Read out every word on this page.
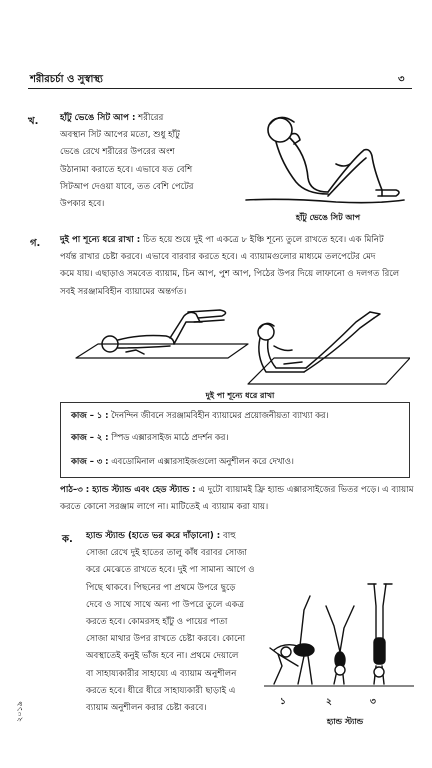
শরীরচর্চা ও সুস্বাস্থ্য	৩
খ.	হাঁটু ভেঙে সিট আপ : শরীরের
অবস্থান সিট আপের মতো, শুধু হাঁটু
ভেঙে রেখে শরীরের উপরের অংশ
উঠানামা করাতে হবে। এভাবে যত বেশি
সিটআপ দেওয়া যাবে, তত বেশি পেটের
উপকার হবে।
হাঁটু ভেঙে সিট আপ
গ. দুই পা শূন্যে ধরে রাখা : চিত হয়ে শুয়ে দুই পা একত্রে ৮ ইঞ্চি শূন্যে তুলে রাখতে হবে। এক মিনিট
পর্যন্ত রাখার চেষ্টা করবে। এভাবে বারবার করতে হবে। এ ব্যায়ামগুলোর মাধ্যমে তলপেটের মেদ
কমে যায়। এছাড়াও সমবেত ব্যায়াম, চিন আপ, পুশ আপ, পিঠের উপর দিয়ে লাফানো ও দলগত রিলে
সবই সরঞ্জামবিহীন ব্যায়ামের অন্তর্গত।
দুই পা শূন্যে ধরে রাখা
কাজ – ১ : দৈনন্দিন জীবনে সরঞ্জামবিহীন ব্যায়ামের প্রয়োজনীয়তা ব্যাখ্যা কর।
কাজ – ২ : স্পিড এক্সারসাইজ মাঠে প্রদর্শন কর।
কাজ – ৩ : এবডোমিনাল এক্সারসাইজগুলো অনুশীলন করে দেখাও।
পাঠ–৩ : হ্যান্ড স্ট্যান্ড এবং হেড স্ট্যান্ড : এ দুটো ব্যায়ামই ফ্রি হ্যান্ড এক্সারসাইজের ভিতর পড়ে। এ ব্যায়াম
করতে কোনো সরঞ্জাম লাগে না। মাটিতেই এ ব্যায়াম করা যায়।
ক. হ্যান্ড স্ট্যান্ড (হাতে ভর করে দাঁড়ানো) : বাহু
সোজা রেখে দুই হাতের তালু কাঁধ বরাবর সোজা
করে মেঝেতে রাখতে হবে। দুই পা সামান্য আগে ও
পিছে থাকবে। পিছনের পা প্রথমে উপরে ছুড়ে
দেবে ও সাথে সাথে অন্য পা উপরে তুলে একত্র
করতে হবে। কোমরসহ হাঁটু ও পায়ের পাতা
সোজা মাথার উপর রাখতে চেষ্টা করবে। কোনো
অবস্থাতেই কনুই ভাঁজ হবে না। প্রথমে দেয়ালে
বা সাহায্যকারীর সাহায্যে এ ব্যায়াম অনুশীলন
করতে হবে। ধীরে ধীরে সাহায্যকারী ছাড়াই এ
ব্যায়াম অনুশীলন করার চেষ্টা করবে।
১	২	৩
হ্যান্ড স্ট্যান্ড
২০১৯
